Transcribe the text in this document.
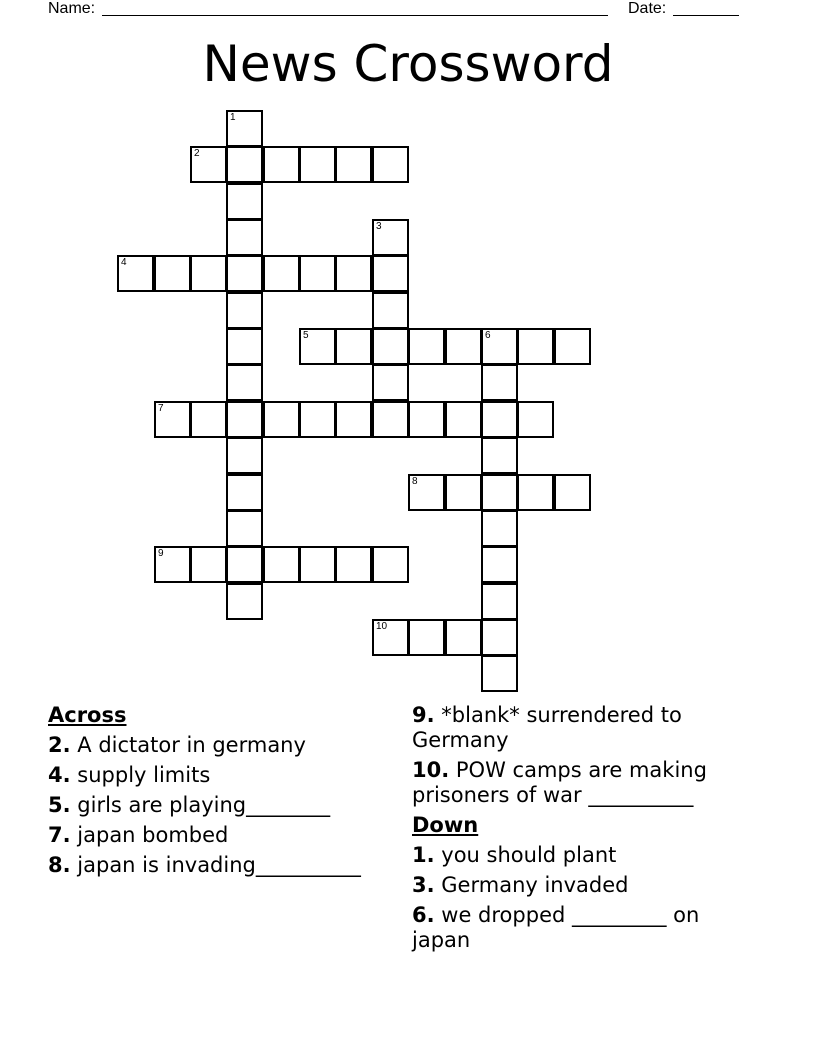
Name:	Date:
News Crossword
1
2
3
4
5	6
7
8
9
10
Across
2. A dictator in germany
4. supply limits
5. girls are playing________
7. japan bombed
8. japan is invading__________
9. *blank* surrendered to Germany
10. POW camps are making prisoners of war __________
Down
1. you should plant
3. Germany invaded
6. we dropped _________ on japan
